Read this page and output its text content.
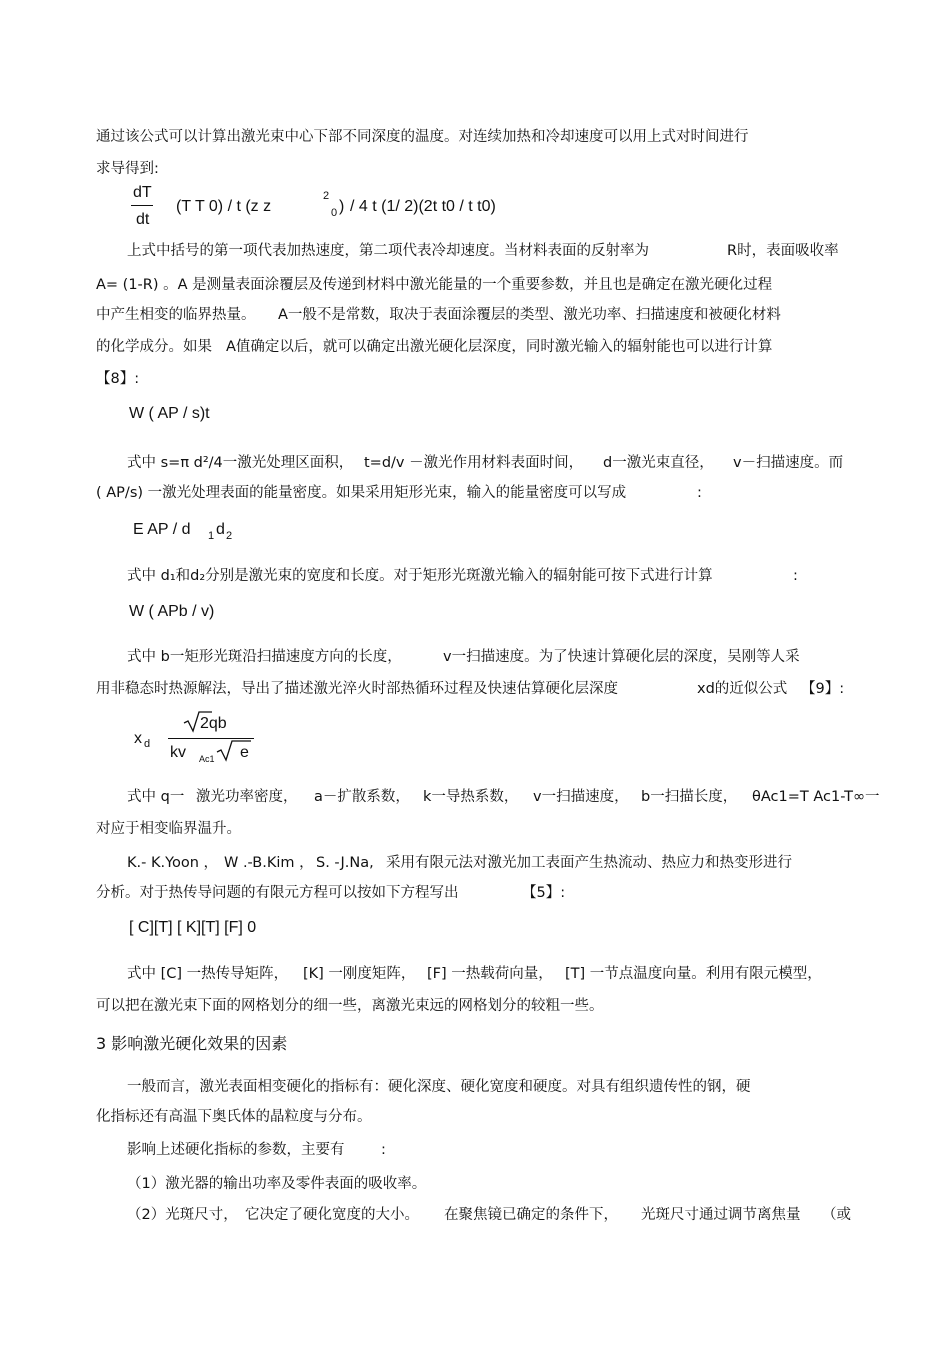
通过该公式可以计算出激光束中心下部不同深度的温度。对连续加热和冷却速度可以用上式对时间进行
求导得到:
dT
dt
(T T 0) / t (z z	0 )
2
/ 4 t (1/ 2)(2t t0 / t t0)
上式中括号的第一项代表加热速度，第二项代表冷却速度。当材料表面的反射率为	R时，表面吸收率
A= (1-R) 。A 是测量表面涂覆层及传递到材料中激光能量的一个重要参数，并且也是确定在激光硬化过程
中产生相变的临界热量。 A一般不是常数，取决于表面涂覆层的类型、激光功率、扫描速度和被硬化材料
的化学成分。如果 A值确定以后，就可以确定出激光硬化层深度，同时激光输入的辐射能也可以进行计算
【8】:
W ( AP / s)t
式中 s=π d²/4一激光处理区面积， t=d/v －激光作用材料表面时间， d一激光束直径， v－扫描速度。而
( AP/s) 一激光处理表面的能量密度。如果采用矩形光束，输入的能量密度可以写成	:
E AP / d 1 d 2
式中 d₁和d₂分别是激光束的宽度和长度。对于矩形光斑激光输入的辐射能可按下式进行计算	:
W ( APb / v)
式中 b一矩形光斑沿扫描速度方向的长度，	v一扫描速度。为了快速计算硬化层的深度，吴刚等人采
用非稳态时热源解法，导出了描述激光淬火时部热循环过程及快速估算硬化层深度	xd的近似公式 【9】:
x d
2qb
kv Ac1 e
式中 q一 激光功率密度， a－扩散系数， k一导热系数， v一扫描速度， b一扫描长度， θAc1=T Ac1-T∞一
对应于相变临界温升。
K.- K.Yoon ， W .-B.Kim ， S. -J.Na, 采用有限元法对激光加工表面产生热流动、热应力和热变形进行
分析。对于热传导问题的有限元方程可以按如下方程写出	【5】:
[ C][T] [ K][T] [F] 0
式中 [C] 一热传导矩阵， [K] 一刚度矩阵， [F] 一热载荷向量， [T] 一节点温度向量。利用有限元模型，
可以把在激光束下面的网格划分的细一些，离激光束远的网格划分的较粗一些。
3 影响激光硬化效果的因素
一般而言，激光表面相变硬化的指标有：硬化深度、硬化宽度和硬度。对具有组织遗传性的钢，硬
化指标还有高温下奥氏体的晶粒度与分布。
影响上述硬化指标的参数，主要有	:
（1）激光器的输出功率及零件表面的吸收率。
（2）光斑尺寸， 它决定了硬化宽度的大小。 在聚焦镜已确定的条件下， 光斑尺寸通过调节离焦量 （或
